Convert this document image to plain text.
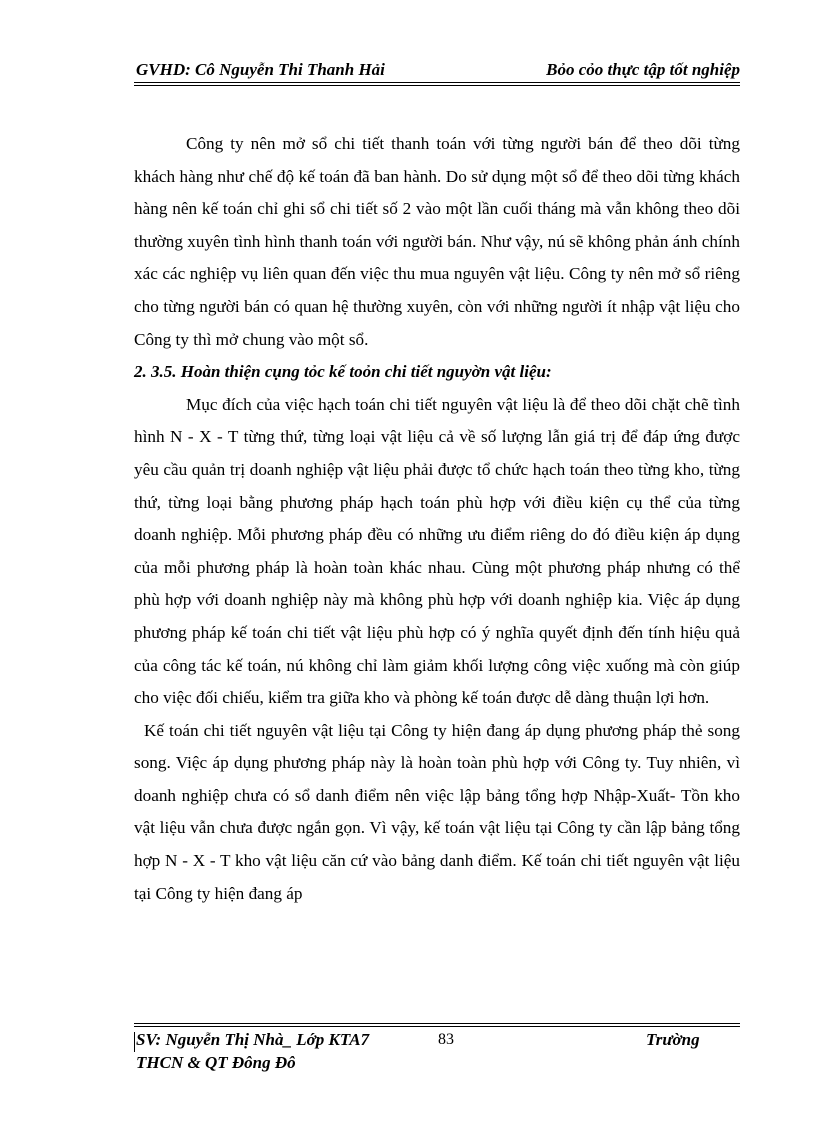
GVHD: Cô Nguyễn Thi Thanh Hải	Bỏo cỏo thực tập tốt nghiệp

Công ty nên mở sổ chi tiết thanh toán với từng người bán để theo dõi từng khách hàng như chế độ kế toán đã ban hành. Do sử dụng một sổ để theo dõi từng khách hàng nên kế toán chỉ ghi sổ chi tiết số 2 vào một lần cuối tháng mà vẫn không theo dõi thường xuyên tình hình thanh toán với người bán. Như vậy, nú sẽ không phản ánh chính xác các nghiệp vụ liên quan đến việc thu mua nguyên vật liệu. Công ty nên mở sổ riêng cho từng người bán có quan hệ thường xuyên, còn với những người ít nhập vật liệu cho Công ty thì mở chung vào một sổ.

2. 3.5. Hoàn thiện cụng tỏc kế toỏn chi tiết nguyờn vật liệu:

Mục đích của việc hạch toán chi tiết nguyên vật liệu là để theo dõi chặt chẽ tình hình N - X - T từng thứ, từng loại vật liệu cả về số lượng lẫn giá trị để đáp ứng được yêu cầu quản trị doanh nghiệp vật liệu phải được tổ chức hạch toán theo từng kho, từng thứ, từng loại bằng phương pháp hạch toán phù hợp với điều kiện cụ thể của từng doanh nghiệp. Mỗi phương pháp đều có những ưu điểm riêng do đó điều kiện áp dụng của mỗi phương pháp là hoàn toàn khác nhau. Cùng một phương pháp nhưng có thể phù hợp với doanh nghiệp này mà không phù hợp với doanh nghiệp kia. Việc áp dụng phương pháp kế toán chi tiết vật liệu phù hợp có ý nghĩa quyết định đến tính hiệu quả của công tác kế toán, nú không chỉ làm giảm khối lượng công việc xuống mà còn giúp cho việc đối chiếu, kiểm tra giữa kho và phòng kế toán được dễ dàng thuận lợi hơn.

Kế toán chi tiết nguyên vật liệu tại Công ty hiện đang áp dụng phương pháp thẻ song song. Việc áp dụng phương pháp này là hoàn toàn phù hợp với Công ty. Tuy nhiên, vì doanh nghiệp chưa có sổ danh điểm nên việc lập bảng tổng hợp Nhập-Xuất- Tồn kho vật liệu vẫn chưa được ngắn gọn. Vì vậy, kế toán vật liệu tại Công ty cần lập bảng tổng hợp N - X - T kho vật liệu căn cứ vào bảng danh điểm. Kế toán chi tiết nguyên vật liệu tại Công ty hiện đang áp

SV: Nguyễn Thị Nhà_ Lớp KTA7	83	Trường
THCN & QT Đông Đô
